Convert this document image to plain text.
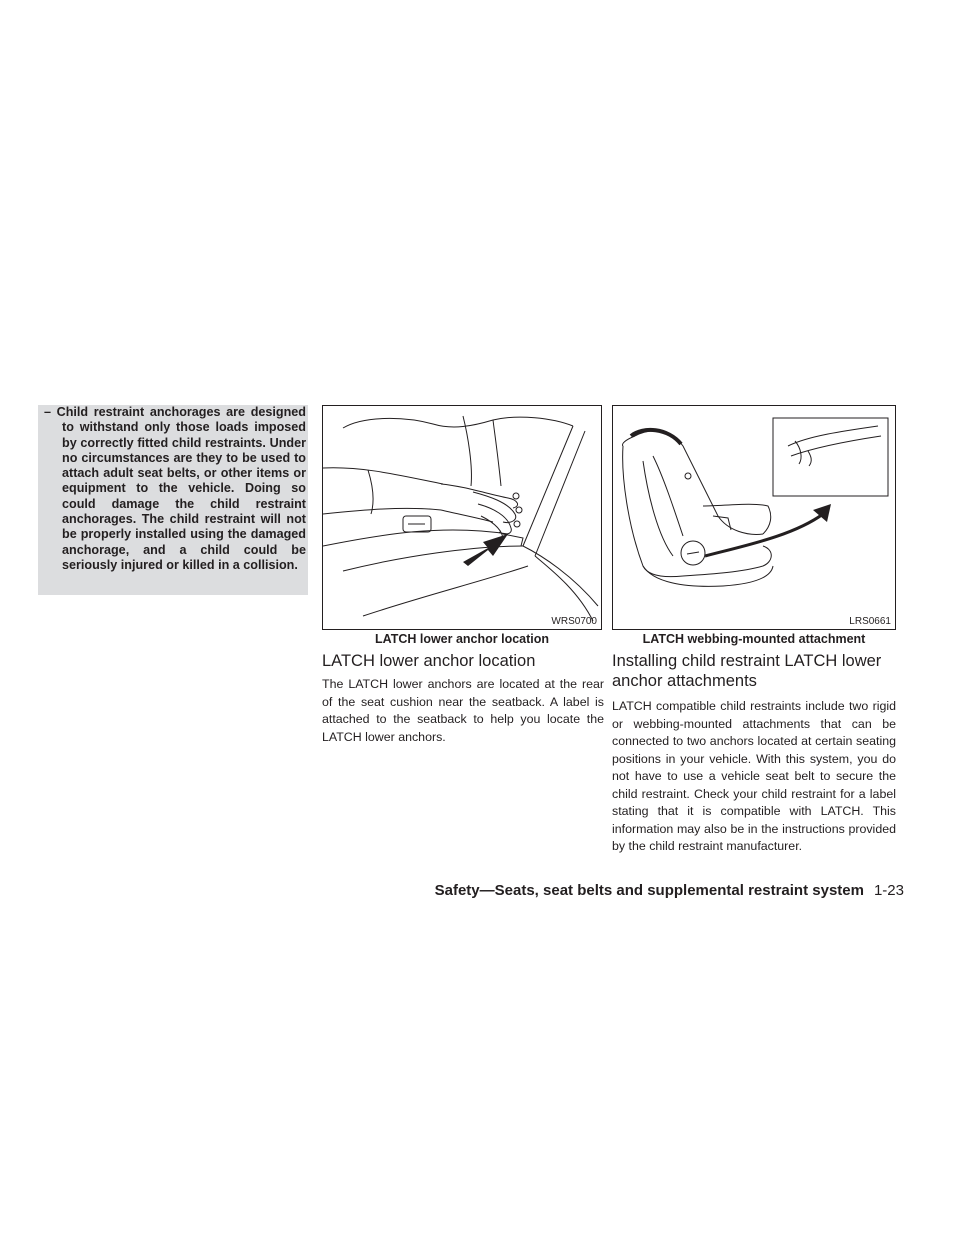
– Child restraint anchorages are designed to withstand only those loads imposed by correctly fitted child restraints. Under no circumstances are they to be used to attach adult seat belts, or other items or equipment to the vehicle. Doing so could damage the child restraint anchorages. The child restraint will not be properly installed using the damaged anchorage, and a child could be seriously injured or killed in a collision.

WRS0700
LATCH lower anchor location
LRS0661
LATCH webbing-mounted attachment
LATCH lower anchor location

The LATCH lower anchors are located at the rear of the seat cushion near the seatback. A label is attached to the seatback to help you locate the LATCH lower anchors.

Installing child restraint LATCH lower anchor attachments

LATCH compatible child restraints include two rigid or webbing-mounted attachments that can be connected to two anchors located at certain seating positions in your vehicle. With this system, you do not have to use a vehicle seat belt to secure the child restraint. Check your child restraint for a label stating that it is compatible with LATCH. This information may also be in the instructions provided by the child restraint manufacturer.

Safety—Seats, seat belts and supplemental restraint system 1-23
